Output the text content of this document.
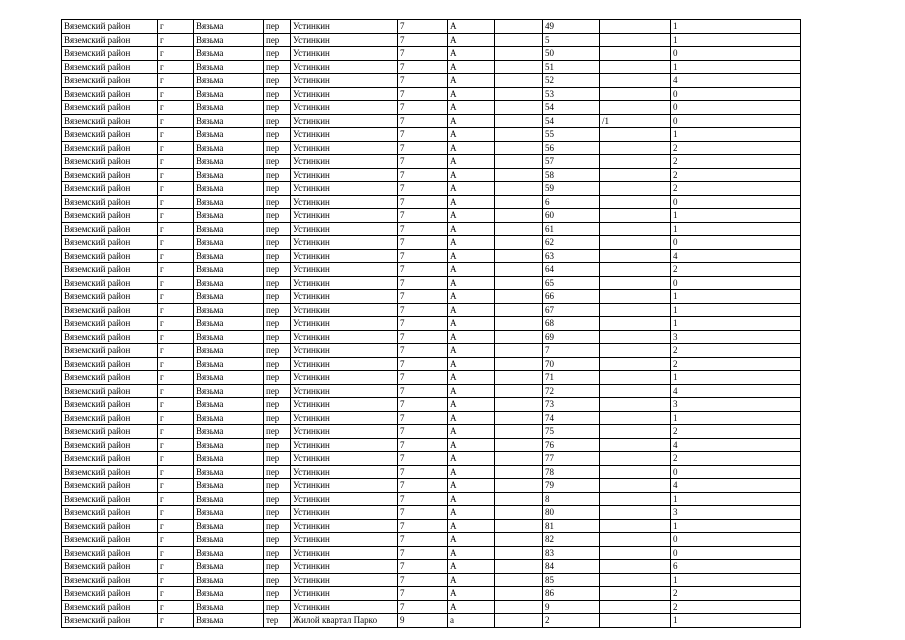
Вяземский район	г	Вязьма	пер	Устинкин	7	А		49		1
Вяземский район	г	Вязьма	пер	Устинкин	7	А		5		1
Вяземский район	г	Вязьма	пер	Устинкин	7	А		50		0
Вяземский район	г	Вязьма	пер	Устинкин	7	А		51		1
Вяземский район	г	Вязьма	пер	Устинкин	7	А		52		4
Вяземский район	г	Вязьма	пер	Устинкин	7	А		53		0
Вяземский район	г	Вязьма	пер	Устинкин	7	А		54		0
Вяземский район	г	Вязьма	пер	Устинкин	7	А		54	/1	0
Вяземский район	г	Вязьма	пер	Устинкин	7	А		55		1
Вяземский район	г	Вязьма	пер	Устинкин	7	А		56		2
Вяземский район	г	Вязьма	пер	Устинкин	7	А		57		2
Вяземский район	г	Вязьма	пер	Устинкин	7	А		58		2
Вяземский район	г	Вязьма	пер	Устинкин	7	А		59		2
Вяземский район	г	Вязьма	пер	Устинкин	7	А		6		0
Вяземский район	г	Вязьма	пер	Устинкин	7	А		60		1
Вяземский район	г	Вязьма	пер	Устинкин	7	А		61		1
Вяземский район	г	Вязьма	пер	Устинкин	7	А		62		0
Вяземский район	г	Вязьма	пер	Устинкин	7	А		63		4
Вяземский район	г	Вязьма	пер	Устинкин	7	А		64		2
Вяземский район	г	Вязьма	пер	Устинкин	7	А		65		0
Вяземский район	г	Вязьма	пер	Устинкин	7	А		66		1
Вяземский район	г	Вязьма	пер	Устинкин	7	А		67		1
Вяземский район	г	Вязьма	пер	Устинкин	7	А		68		1
Вяземский район	г	Вязьма	пер	Устинкин	7	А		69		3
Вяземский район	г	Вязьма	пер	Устинкин	7	А		7		2
Вяземский район	г	Вязьма	пер	Устинкин	7	А		70		2
Вяземский район	г	Вязьма	пер	Устинкин	7	А		71		1
Вяземский район	г	Вязьма	пер	Устинкин	7	А		72		4
Вяземский район	г	Вязьма	пер	Устинкин	7	А		73		3
Вяземский район	г	Вязьма	пер	Устинкин	7	А		74		1
Вяземский район	г	Вязьма	пер	Устинкин	7	А		75		2
Вяземский район	г	Вязьма	пер	Устинкин	7	А		76		4
Вяземский район	г	Вязьма	пер	Устинкин	7	А		77		2
Вяземский район	г	Вязьма	пер	Устинкин	7	А		78		0
Вяземский район	г	Вязьма	пер	Устинкин	7	А		79		4
Вяземский район	г	Вязьма	пер	Устинкин	7	А		8		1
Вяземский район	г	Вязьма	пер	Устинкин	7	А		80		3
Вяземский район	г	Вязьма	пер	Устинкин	7	А		81		1
Вяземский район	г	Вязьма	пер	Устинкин	7	А		82		0
Вяземский район	г	Вязьма	пер	Устинкин	7	А		83		0
Вяземский район	г	Вязьма	пер	Устинкин	7	А		84		6
Вяземский район	г	Вязьма	пер	Устинкин	7	А		85		1
Вяземский район	г	Вязьма	пер	Устинкин	7	А		86		2
Вяземский район	г	Вязьма	пер	Устинкин	7	А		9		2
Вяземский район	г	Вязьма	тер	Жилой квартал Парко	9	а		2		1
